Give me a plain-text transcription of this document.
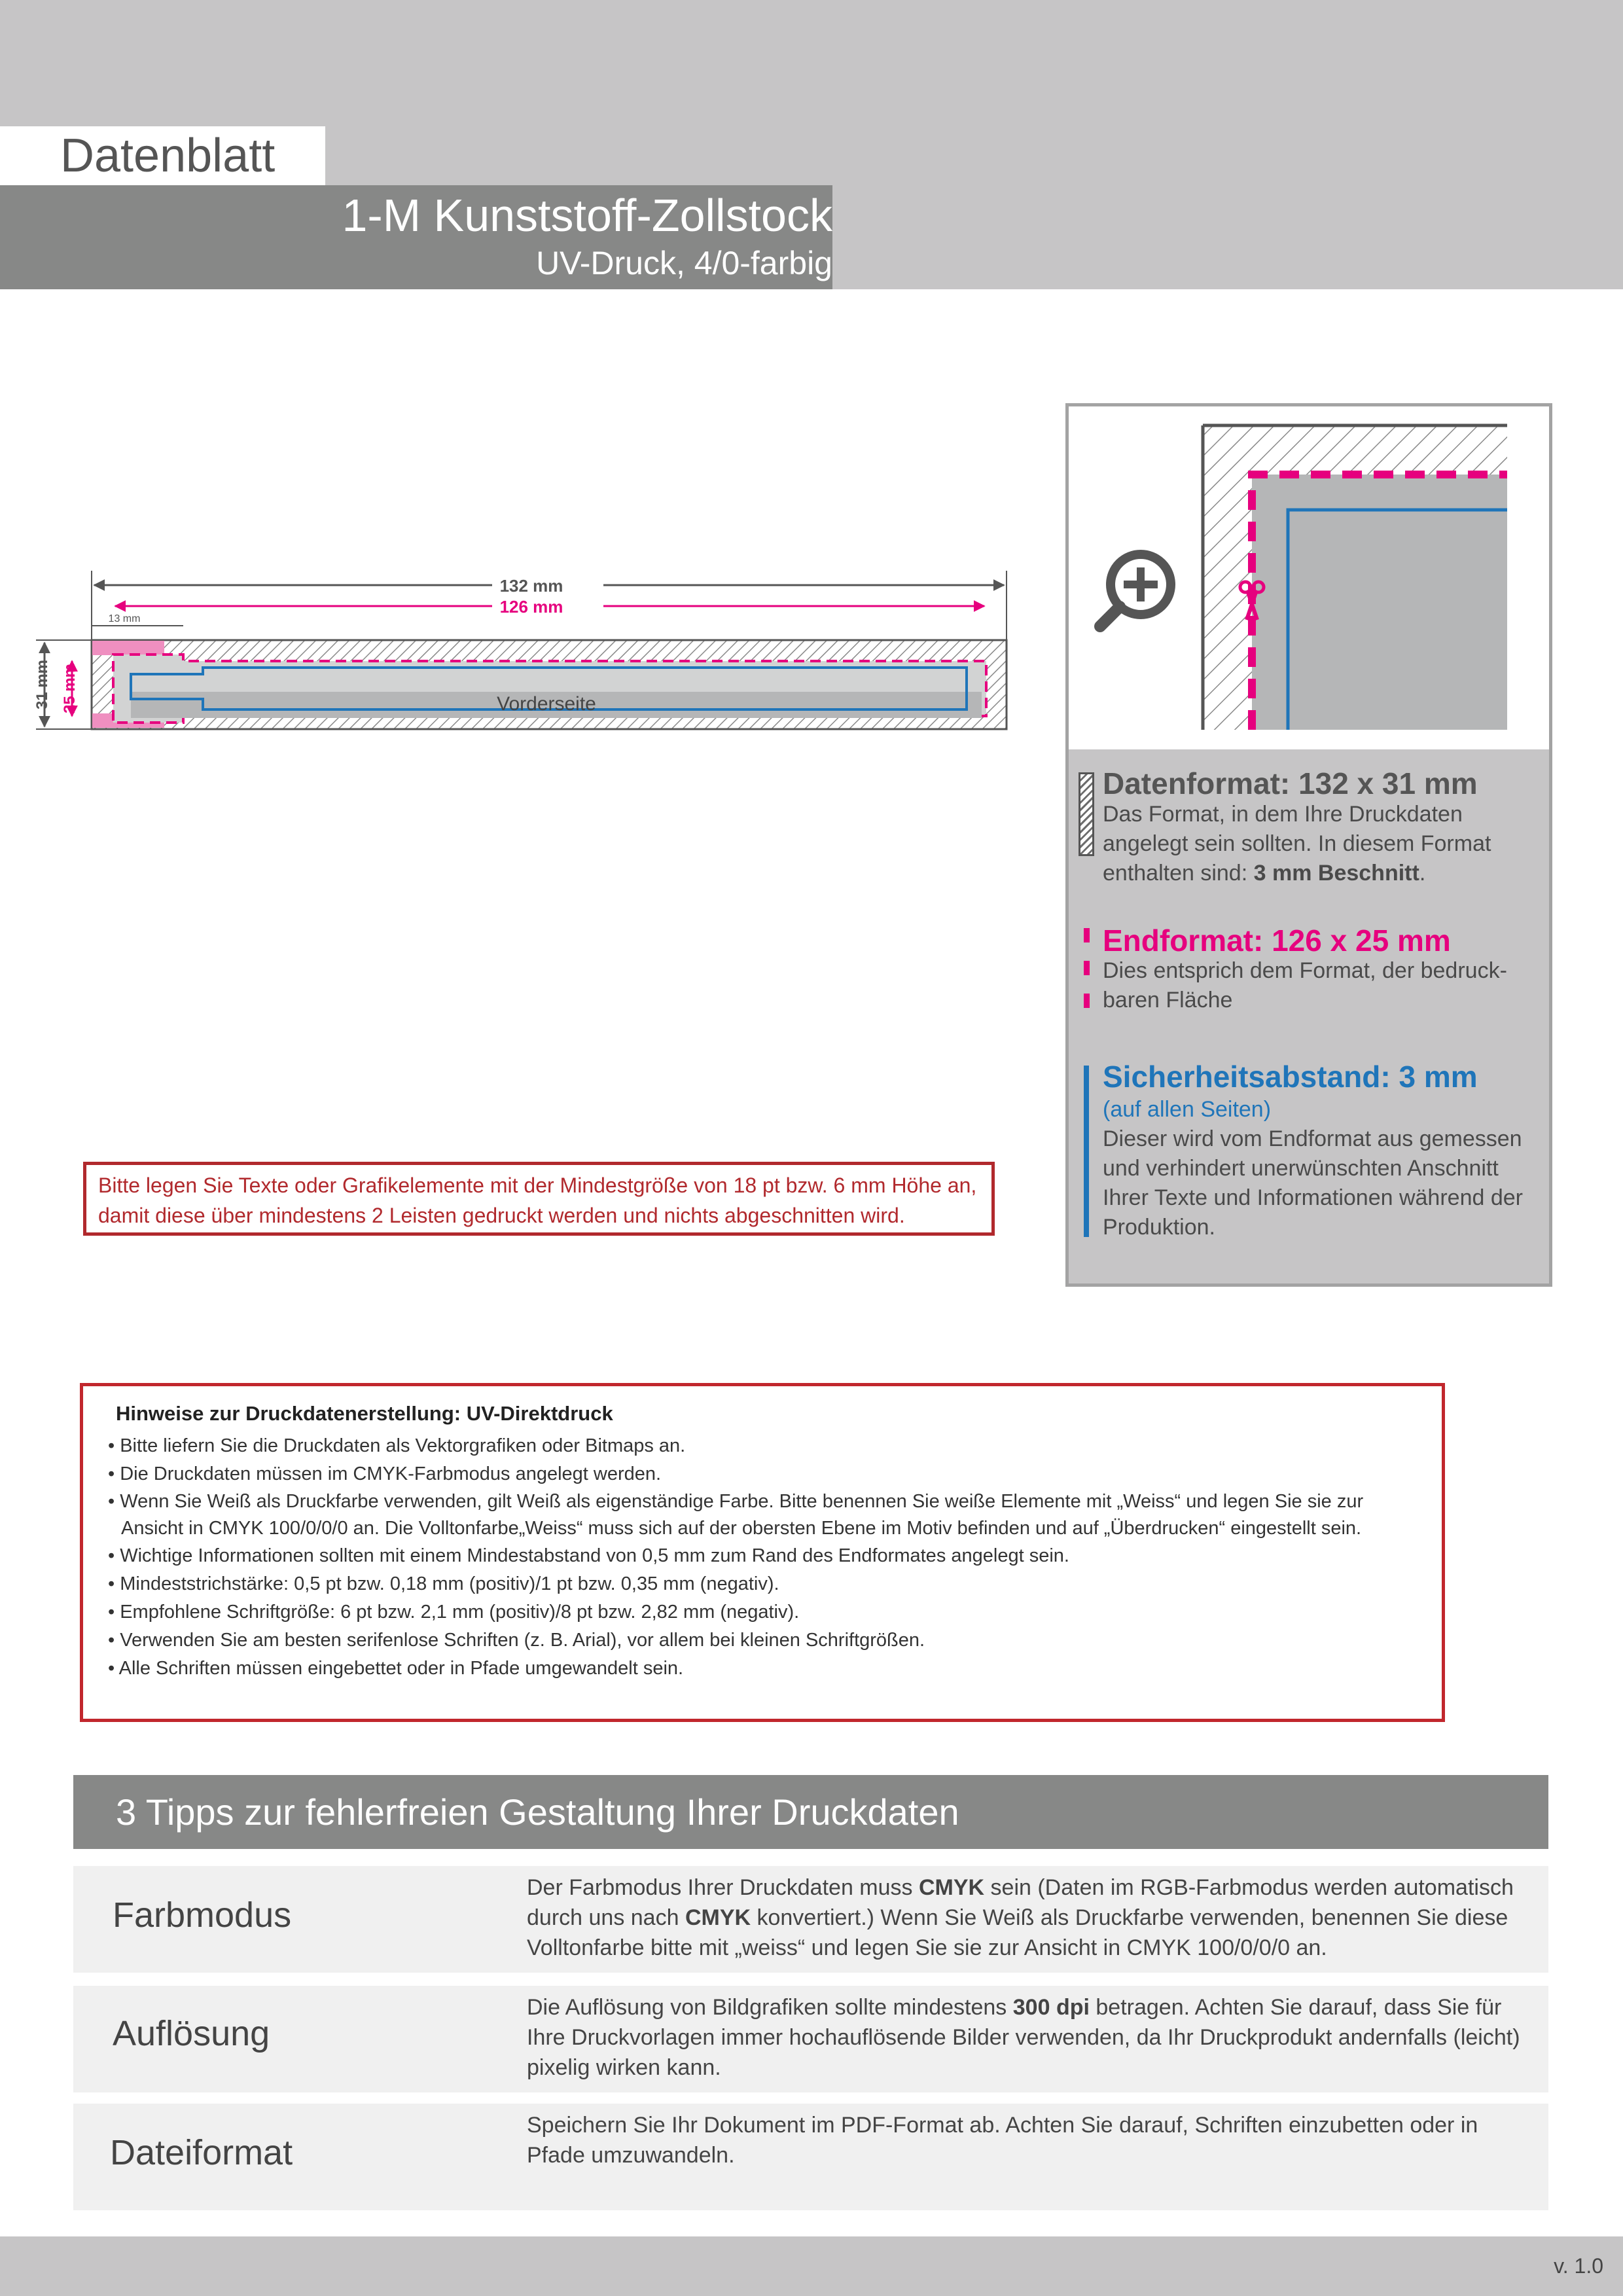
Datenblatt
1-M Kunststoff-Zollstock
UV-Druck, 4/0-farbig
Vorderseite
132 mm
126 mm
13 mm
31 mm 25 mm
Datenformat: 132 x 31 mm
Das Format, in dem Ihre Druckdaten angelegt sein sollten. In diesem Format enthalten sind: 3 mm Beschnitt.
Endformat: 126 x 25 mm
Dies entsprich dem Format, der bedruck-baren Fläche
Sicherheitsabstand: 3 mm
(auf allen Seiten)
Dieser wird vom Endformat aus gemessen und verhindert unerwünschten Anschnitt Ihrer Texte und Informationen während der Produktion.
Bitte legen Sie Texte oder Grafikelemente mit der Mindestgröße von 18 pt bzw. 6 mm Höhe an, damit diese über mindestens 2 Leisten gedruckt werden und nichts abgeschnitten wird.
Hinweise zur Druckdatenerstellung: UV-Direktdruck
• Bitte liefern Sie die Druckdaten als Vektorgrafiken oder Bitmaps an.
• Die Druckdaten müssen im CMYK-Farbmodus angelegt werden.
• Wenn Sie Weiß als Druckfarbe verwenden, gilt Weiß als eigenständige Farbe. Bitte benennen Sie weiße Elemente mit „Weiss“ und legen Sie sie zur Ansicht in CMYK 100/0/0/0 an. Die Volltonfarbe„Weiss“ muss sich auf der obersten Ebene im Motiv befinden und auf „Überdrucken“ eingestellt sein.
• Wichtige Informationen sollten mit einem Mindestabstand von 0,5 mm zum Rand des Endformates angelegt sein.
• Mindeststrichstärke: 0,5 pt bzw. 0,18 mm (positiv)/1 pt bzw. 0,35 mm (negativ).
• Empfohlene Schriftgröße: 6 pt bzw. 2,1 mm (positiv)/8 pt bzw. 2,82 mm (negativ).
• Verwenden Sie am besten serifenlose Schriften (z. B. Arial), vor allem bei kleinen Schriftgrößen.
• Alle Schriften müssen eingebettet oder in Pfade umgewandelt sein.
3 Tipps zur fehlerfreien Gestaltung Ihrer Druckdaten
Farbmodus
Der Farbmodus Ihrer Druckdaten muss CMYK sein (Daten im RGB-Farbmodus werden automatisch durch uns nach CMYK konvertiert.) Wenn Sie Weiß als Druckfarbe verwenden, benennen Sie diese Volltonfarbe bitte mit „weiss“ und legen Sie sie zur Ansicht in CMYK 100/0/0/0 an.
Auflösung
Die Auflösung von Bildgrafiken sollte mindestens 300 dpi betragen. Achten Sie darauf, dass Sie für Ihre Druckvorlagen immer hochauflösende Bilder verwenden, da Ihr Druckprodukt andernfalls (leicht) pixelig wirken kann.
Dateiformat
Speichern Sie Ihr Dokument im PDF-Format ab. Achten Sie darauf, Schriften einzubetten oder in Pfade umzuwandeln.
v. 1.0
